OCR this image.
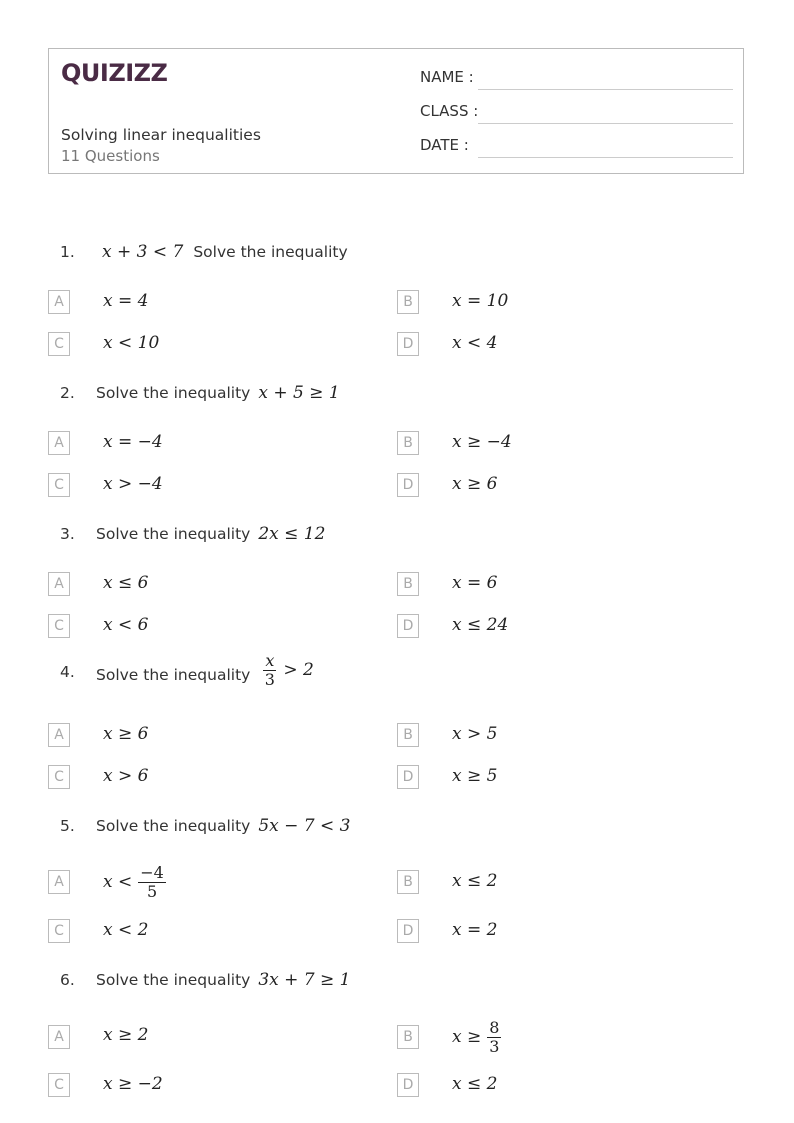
QUIZIZZ
Solving linear inequalities
11 Questions
NAME :
CLASS :
DATE :
1.	x + 3 < 7 Solve the inequality
A	x = 4	B	x = 10
C	x < 10	D	x < 4
2.	Solve the inequality x + 5 ≥ 1
A	x = −4	B	x ≥ −4
C	x > −4	D	x ≥ 6
3.	Solve the inequality 2x ≤ 12
A	x ≤ 6	B	x = 6
C	x < 6	D	x ≤ 24
4.	Solve the inequality $\frac{x}{3} > 2$
A	x ≥ 6	B	x > 5
C	x > 6	D	x ≥ 5
5.	Solve the inequality 5x − 7 < 3
A	$x < \frac{-4}{5}$	B	x ≤ 2
C	x < 2	D	x = 2
6.	Solve the inequality 3x + 7 ≥ 1
A	x ≥ 2	B	$x \ge \frac{8}{3}$
C	x ≥ −2	D	x ≤ 2
